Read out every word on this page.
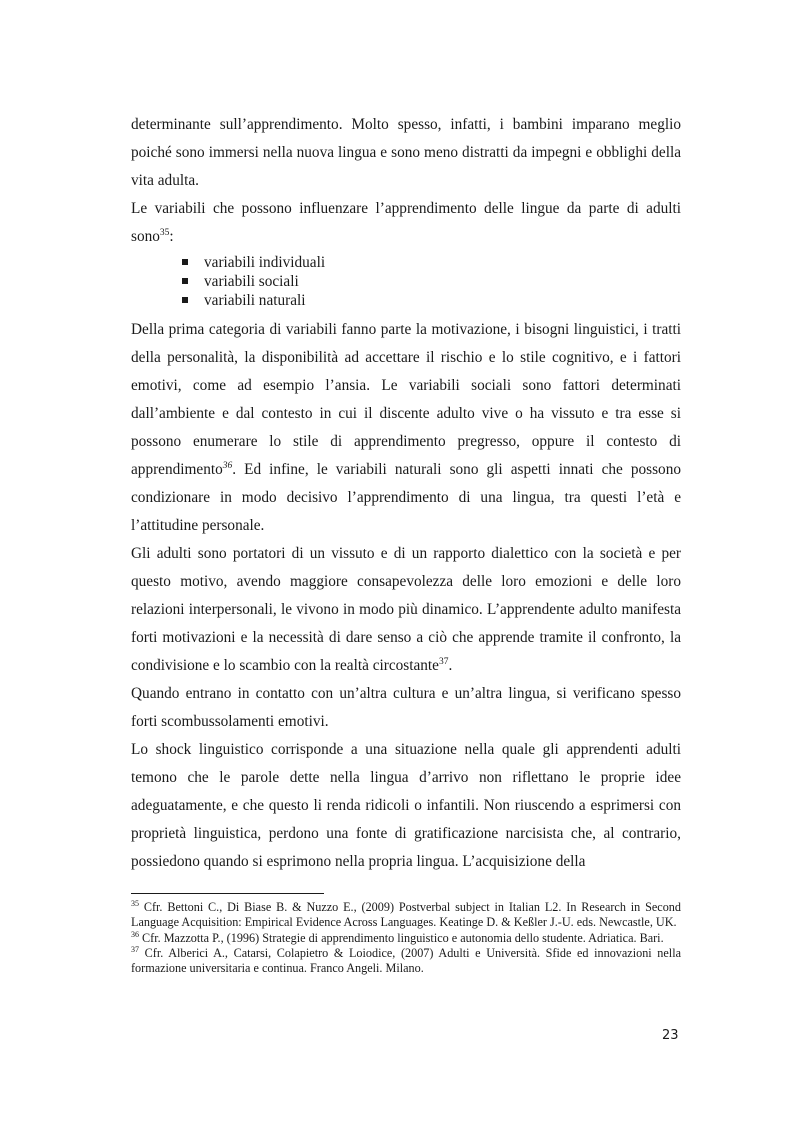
determinante sull’apprendimento. Molto spesso, infatti, i bambini imparano meglio poiché sono immersi nella nuova lingua e sono meno distratti da impegni e obblighi della vita adulta.

Le variabili che possono influenzare l’apprendimento delle lingue da parte di adulti sono$^{35}$:

variabili individuali
variabili sociali
variabili naturali

Della prima categoria di variabili fanno parte la motivazione, i bisogni linguistici, i tratti della personalità, la disponibilità ad accettare il rischio e lo stile cognitivo, e i fattori emotivi, come ad esempio l’ansia. Le variabili sociali sono fattori determinati dall’ambiente e dal contesto in cui il discente adulto vive o ha vissuto e tra esse si possono enumerare lo stile di apprendimento pregresso, oppure il contesto di apprendimento$^{36}$. Ed infine, le variabili naturali sono gli aspetti innati che possono condizionare in modo decisivo l’apprendimento di una lingua, tra questi l’età e l’attitudine personale.

Gli adulti sono portatori di un vissuto e di un rapporto dialettico con la società e per questo motivo, avendo maggiore consapevolezza delle loro emozioni e delle loro relazioni interpersonali, le vivono in modo più dinamico. L’apprendente adulto manifesta forti motivazioni e la necessità di dare senso a ciò che apprende tramite il confronto, la condivisione e lo scambio con la realtà circostante$^{37}$.

Quando entrano in contatto con un’altra cultura e un’altra lingua, si verificano spesso forti scombussolamenti emotivi.

Lo shock linguistico corrisponde a una situazione nella quale gli apprendenti adulti temono che le parole dette nella lingua d’arrivo non riflettano le proprie idee adeguatamente, e che questo li renda ridicoli o infantili. Non riuscendo a esprimersi con proprietà linguistica, perdono una fonte di gratificazione narcisista che, al contrario, possiedono quando si esprimono nella propria lingua. L’acquisizione della

$^{35}$ Cfr. Bettoni C., Di Biase B. & Nuzzo E., (2009) Postverbal subject in Italian L2. In Research in Second Language Acquisition: Empirical Evidence Across Languages. Keatinge D. & Keßler J.-U. eds. Newcastle, UK.

$^{36}$ Cfr. Mazzotta P., (1996) Strategie di apprendimento linguistico e autonomia dello studente. Adriatica. Bari.

$^{37}$ Cfr. Alberici A., Catarsi, Colapietro & Loiodice, (2007) Adulti e Università. Sfide ed innovazioni nella formazione universitaria e continua. Franco Angeli. Milano.

23
